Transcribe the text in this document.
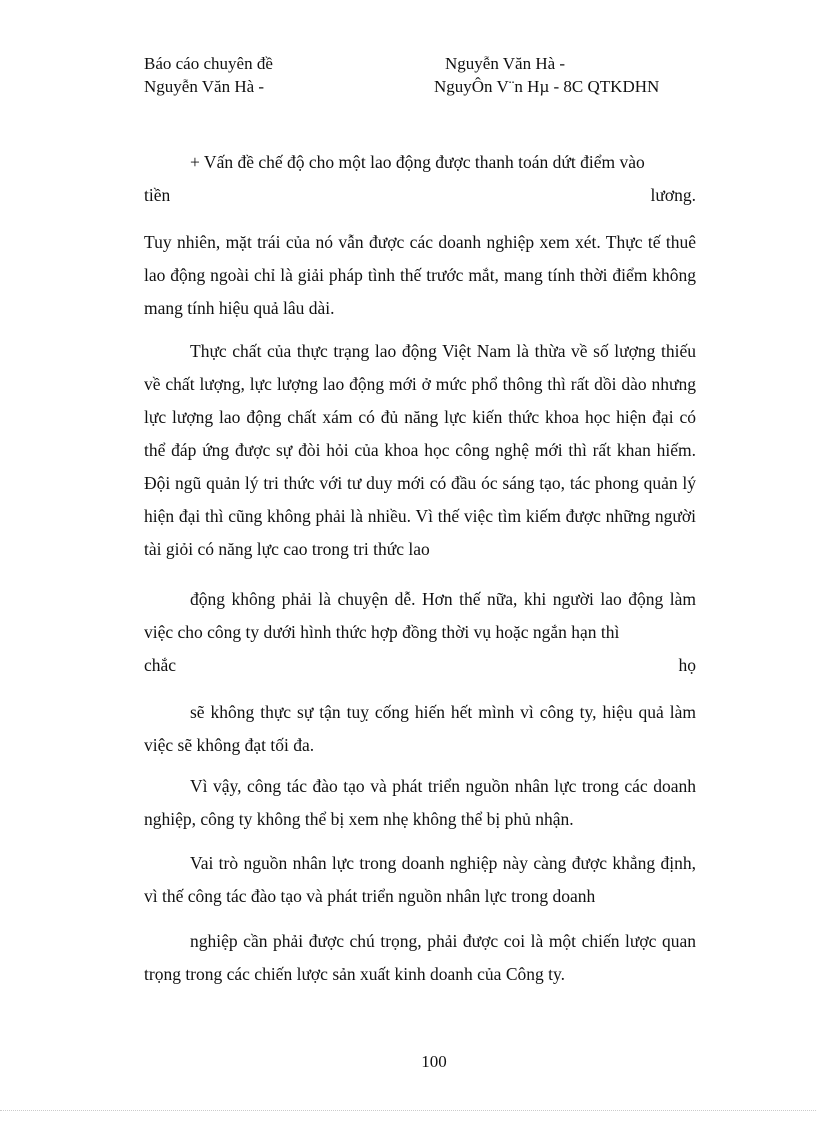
Báo cáo chuyên đề	Nguyễn Văn Hà -
Nguyễn Văn Hà -	NguyÔn V¨n Hµ - 8C QTKDHN

+ Vấn đề chế độ cho một lao động được thanh toán dứt điểm vào

tiền	lương.

Tuy nhiên, mặt trái của nó vẫn được các doanh nghiệp xem xét. Thực tế thuê lao động ngoài chỉ là giải pháp tình thế trước mắt, mang tính thời điểm không mang tính hiệu quả lâu dài.

Thực chất của thực trạng lao động Việt Nam là thừa về số lượng thiếu về chất lượng, lực lượng lao động mới ở mức phổ thông thì rất dồi dào nhưng lực lượng lao động chất xám có đủ năng lực kiến thức khoa học hiện đại có thể đáp ứng được sự đòi hỏi của khoa học công nghệ mới thì rất khan hiếm. Đội ngũ quản lý tri thức với tư duy mới có đầu óc sáng tạo, tác phong quản lý hiện đại thì cũng không phải là nhiều. Vì thế việc tìm kiếm được những người tài giỏi có năng lực cao trong tri thức lao

động không phải là chuyện dễ. Hơn thế nữa, khi người lao động làm việc cho công ty dưới hình thức hợp đồng thời vụ hoặc ngắn hạn thì

chắc	họ

sẽ không thực sự tận tuỵ cống hiến hết mình vì công ty, hiệu quả làm việc sẽ không đạt tối đa.

Vì vậy, công tác đào tạo và phát triển nguồn nhân lực trong các doanh nghiệp, công ty không thể bị xem nhẹ không thể bị phủ nhận.

Vai trò nguồn nhân lực trong doanh nghiệp này càng được khẳng định, vì thế công tác đào tạo và phát triển nguồn nhân lực trong doanh

nghiệp cần phải được chú trọng, phải được coi là một chiến lược quan trọng trong các chiến lược sản xuất kinh doanh của Công ty.

100
